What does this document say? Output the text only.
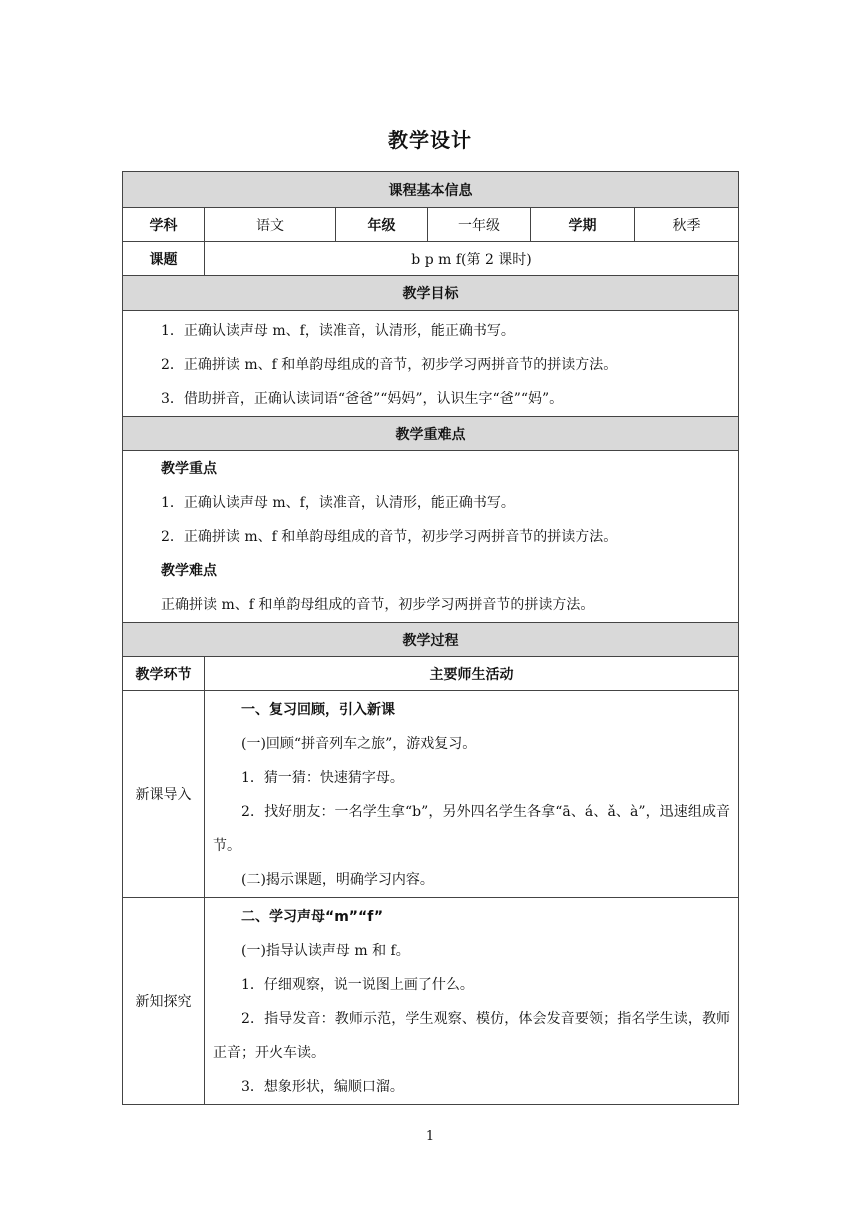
教学设计
课程基本信息					
学科	语文	年级	一年级	学期	秋季
课题	b p m f(第 2 课时)				
教学目标					

1．正确认读声母 m、f，读准音，认清形，能正确书写。
2．正确拼读 m、f 和单韵母组成的音节，初步学习两拼音节的拼读方法。
3．借助拼音，正确认读词语“爸爸”“妈妈”，认识生字“爸”“妈”。					

教学重难点					

教学重点
1．正确认读声母 m、f，读准音，认清形，能正确书写。
2．正确拼读 m、f 和单韵母组成的音节，初步学习两拼音节的拼读方法。
教学难点
正确拼读 m、f 和单韵母组成的音节，初步学习两拼音节的拼读方法。					

教学过程					
教学环节	主要师生活动				
新课导入	一、复习回顾，引入新课
(一)回顾“拼音列车之旅”，游戏复习。
1．猜一猜：快速猜字母。
2．找好朋友：一名学生拿“b”，另外四名学生各拿“ā、á、ǎ、à”，迅速组成音节。
(二)揭示课题，明确学习内容。				

新知探究	二、学习声母“m”“f”
(一)指导认读声母 m 和 f。
1．仔细观察，说一说图上画了什么。
2．指导发音：教师示范，学生观察、模仿，体会发音要领；指名学生读，教师正音；开火车读。
3．想象形状，编顺口溜。				
1
